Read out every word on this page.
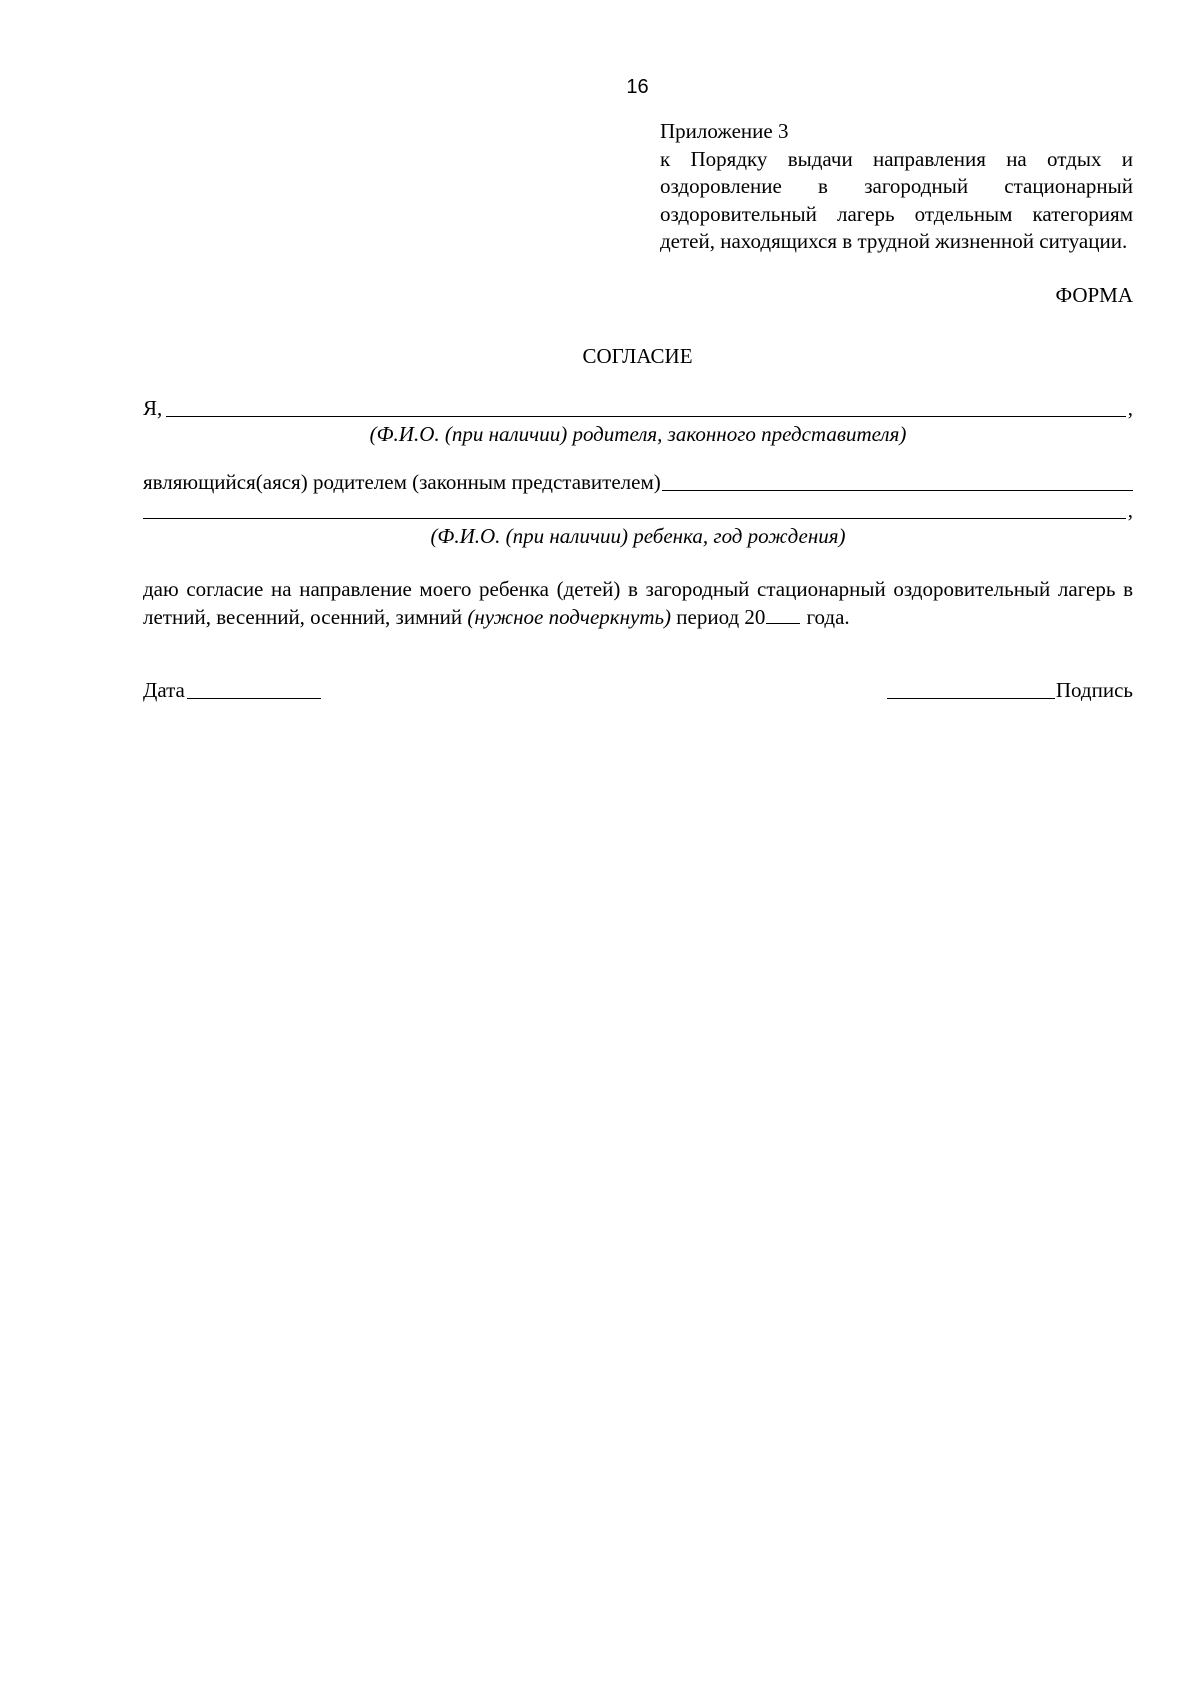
16
Приложение 3
к Порядку выдачи направления на отдых и оздоровление в загородный стационарный оздоровительный лагерь отдельным категориям детей, находящихся в трудной жизненной ситуации.
ФОРМА
СОГЛАСИЕ
Я,	,
(Ф.И.О. (при наличии) родителя, законного представителя)
являющийся(аяся) родителем (законным представителем)
,
(Ф.И.О. (при наличии) ребенка, год рождения)
даю согласие на направление моего ребенка (детей) в загородный стационарный оздоровительный лагерь в летний, весенний, осенний, зимний (нужное подчеркнуть) период 20 года.
Дата	Подпись
